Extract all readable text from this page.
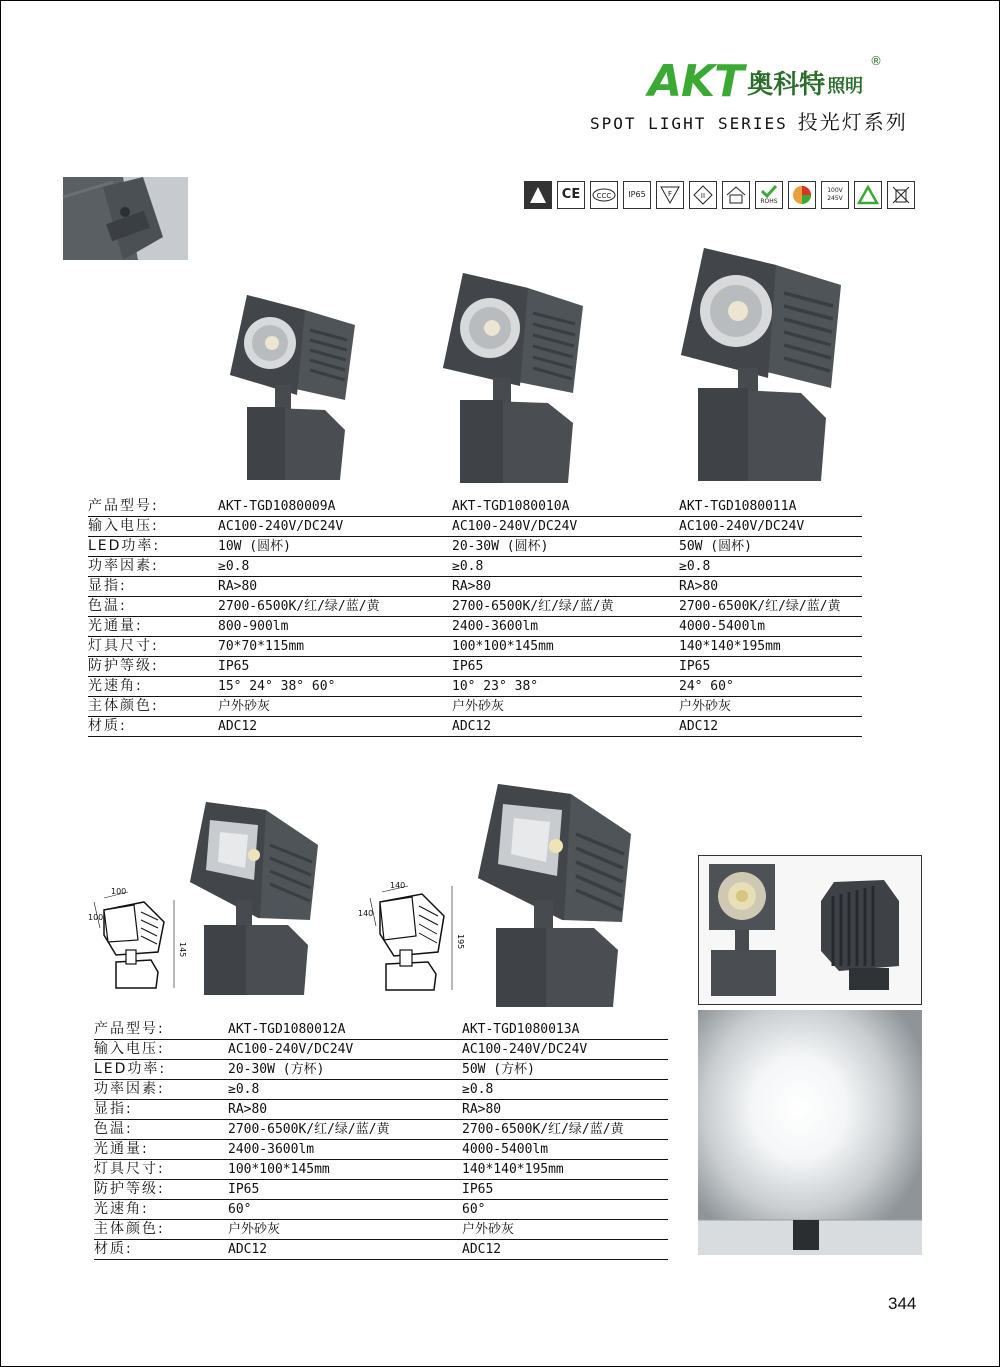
AKT 奥科特 照明
®
SPOT LIGHT SERIES 投光灯系列
CE	CCC	IP65	F	II
ROHS
100V
245V
产品型号:	AKT-TGD1080009A	AKT-TGD1080010A	AKT-TGD1080011A
输入电压:	AC100-240V/DC24V	AC100-240V/DC24V	AC100-240V/DC24V
LED功率:	10W (圆杯)	20-30W (圆杯)	50W (圆杯)
功率因素:	≥0.8	≥0.8	≥0.8
显指:	RA>80	RA>80	RA>80
色温:	2700-6500K/红/绿/蓝/黄	2700-6500K/红/绿/蓝/黄	2700-6500K/红/绿/蓝/黄
光通量:	800-900lm	2400-3600lm	4000-5400lm
灯具尺寸:	70*70*115mm	100*100*145mm	140*140*195mm
防护等级:	IP65	IP65	IP65
光速角:	15° 24° 38° 60°	10° 23° 38°	24° 60°
主体颜色:	户外砂灰	户外砂灰	户外砂灰
材质:	ADC12	ADC12	ADC12
100
100
145
140
140
195
产品型号:	AKT-TGD1080012A	AKT-TGD1080013A
输入电压:	AC100-240V/DC24V	AC100-240V/DC24V
LED功率:	20-30W (方杯)	50W (方杯)
功率因素:	≥0.8	≥0.8
显指:	RA>80	RA>80
色温:	2700-6500K/红/绿/蓝/黄	2700-6500K/红/绿/蓝/黄
光通量:	2400-3600lm	4000-5400lm
灯具尺寸:	100*100*145mm	140*140*195mm
防护等级:	IP65	IP65
光速角:	60°	60°
主体颜色:	户外砂灰	户外砂灰
材质:	ADC12	ADC12
344
